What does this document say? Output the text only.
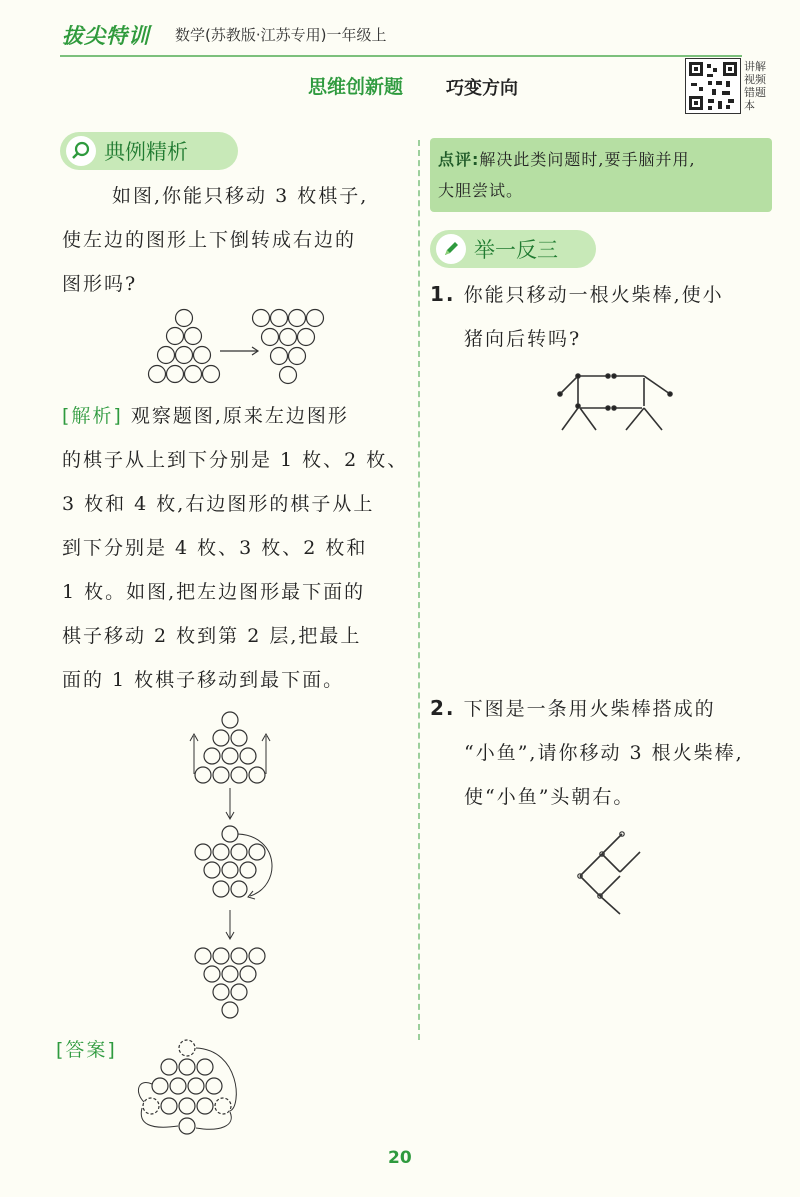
拔尖特训 数学(苏教版·江苏专用)一年级上
思维创新题 巧变方向
讲解视频 错题本
典例精析
如图,你能只移动 3 枚棋子,
使左边的图形上下倒转成右边的
图形吗?
[解析] 观察题图,原来左边图形
的棋子从上到下分别是 1 枚、2 枚、
3 枚和 4 枚,右边图形的棋子从上
到下分别是 4 枚、3 枚、2 枚和
1 枚。如图,把左边图形最下面的
棋子移动 2 枚到第 2 层,把最上
面的 1 枚棋子移动到最下面。
[答案]
点评:解决此类问题时,要手脑并用,
大胆尝试。
举一反三
1. 你能只移动一根火柴棒,使小
猪向后转吗?
2. 下图是一条用火柴棒搭成的
“小鱼”,请你移动 3 根火柴棒,
使“小鱼”头朝右。
20
